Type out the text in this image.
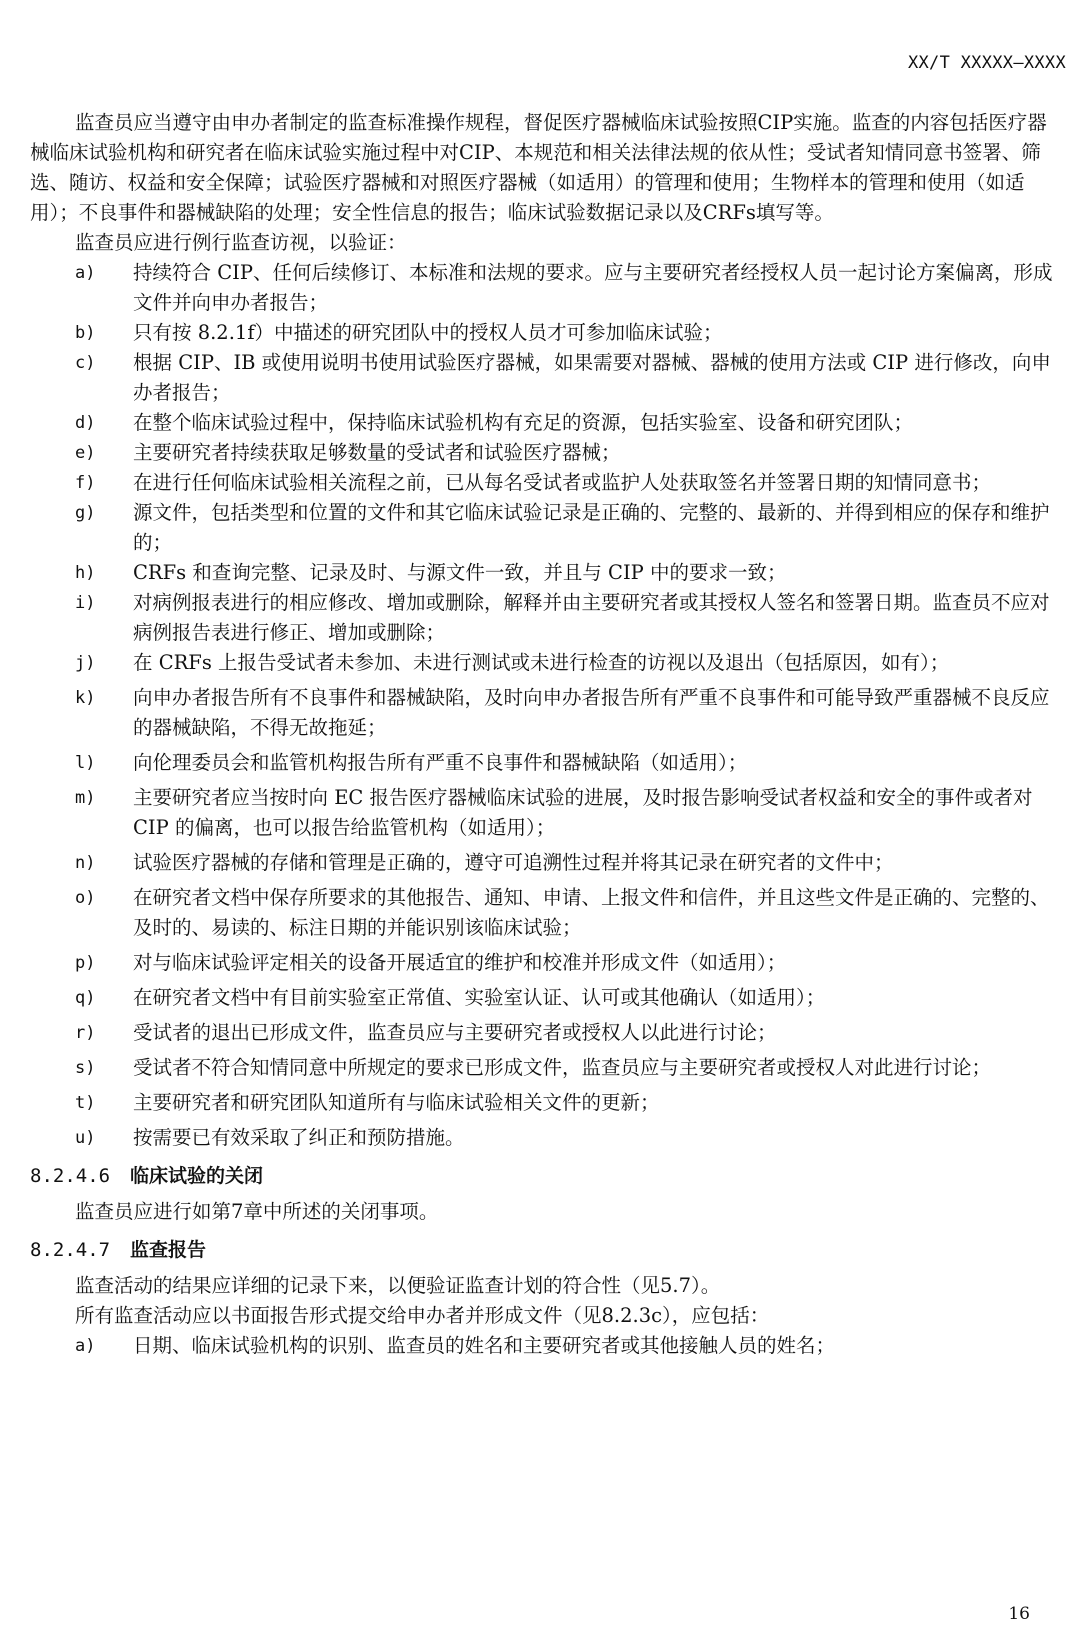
XX/T XXXXX—XXXX

监查员应当遵守由申办者制定的监查标准操作规程，督促医疗器械临床试验按照CIP实施。监查的内容包括医疗器械临床试验机构和研究者在临床试验实施过程中对CIP、本规范和相关法律法规的依从性；受试者知情同意书签署、筛选、随访、权益和安全保障；试验医疗器械和对照医疗器械（如适用）的管理和使用；生物样本的管理和使用（如适用）；不良事件和器械缺陷的处理；安全性信息的报告；临床试验数据记录以及CRFs填写等。

监查员应进行例行监查访视，以验证：

a)	持续符合 CIP、任何后续修订、本标准和法规的要求。应与主要研究者经授权人员一起讨论方案偏离，形成文件并向申办者报告；
b)	只有按 8.2.1f）中描述的研究团队中的授权人员才可参加临床试验；
c)	根据 CIP、IB 或使用说明书使用试验医疗器械，如果需要对器械、器械的使用方法或 CIP 进行修改，向申办者报告；
d)	在整个临床试验过程中，保持临床试验机构有充足的资源，包括实验室、设备和研究团队；
e)	主要研究者持续获取足够数量的受试者和试验医疗器械；
f)	在进行任何临床试验相关流程之前，已从每名受试者或监护人处获取签名并签署日期的知情同意书；
g)	源文件，包括类型和位置的文件和其它临床试验记录是正确的、完整的、最新的、并得到相应的保存和维护的；
h)	CRFs 和查询完整、记录及时、与源文件一致，并且与 CIP 中的要求一致；
i)	对病例报表进行的相应修改、增加或删除，解释并由主要研究者或其授权人签名和签署日期。监查员不应对病例报告表进行修正、增加或删除；
j)	在 CRFs 上报告受试者未参加、未进行测试或未进行检查的访视以及退出（包括原因，如有）；
k)	向申办者报告所有不良事件和器械缺陷，及时向申办者报告所有严重不良事件和可能导致严重器械不良反应的器械缺陷，不得无故拖延；
l)	向伦理委员会和监管机构报告所有严重不良事件和器械缺陷（如适用）；
m)	主要研究者应当按时向 EC 报告医疗器械临床试验的进展，及时报告影响受试者权益和安全的事件或者对 CIP 的偏离，也可以报告给监管机构（如适用）；
n)	试验医疗器械的存储和管理是正确的，遵守可追溯性过程并将其记录在研究者的文件中；
o)	在研究者文档中保存所要求的其他报告、通知、申请、上报文件和信件，并且这些文件是正确的、完整的、及时的、易读的、标注日期的并能识别该临床试验；
p)	对与临床试验评定相关的设备开展适宜的维护和校准并形成文件（如适用）；
q)	在研究者文档中有目前实验室正常值、实验室认证、认可或其他确认（如适用）；
r)	受试者的退出已形成文件，监查员应与主要研究者或授权人以此进行讨论；
s)	受试者不符合知情同意中所规定的要求已形成文件，监查员应与主要研究者或授权人对此进行讨论；
t)	主要研究者和研究团队知道所有与临床试验相关文件的更新；
u)	按需要已有效采取了纠正和预防措施。
8.2.4.6	临床试验的关闭

监查员应进行如第7章中所述的关闭事项。

8.2.4.7	监查报告

监查活动的结果应详细的记录下来，以便验证监查计划的符合性（见5.7）。

所有监查活动应以书面报告形式提交给申办者并形成文件（见8.2.3c），应包括：

a)	日期、临床试验机构的识别、监查员的姓名和主要研究者或其他接触人员的姓名；
16
